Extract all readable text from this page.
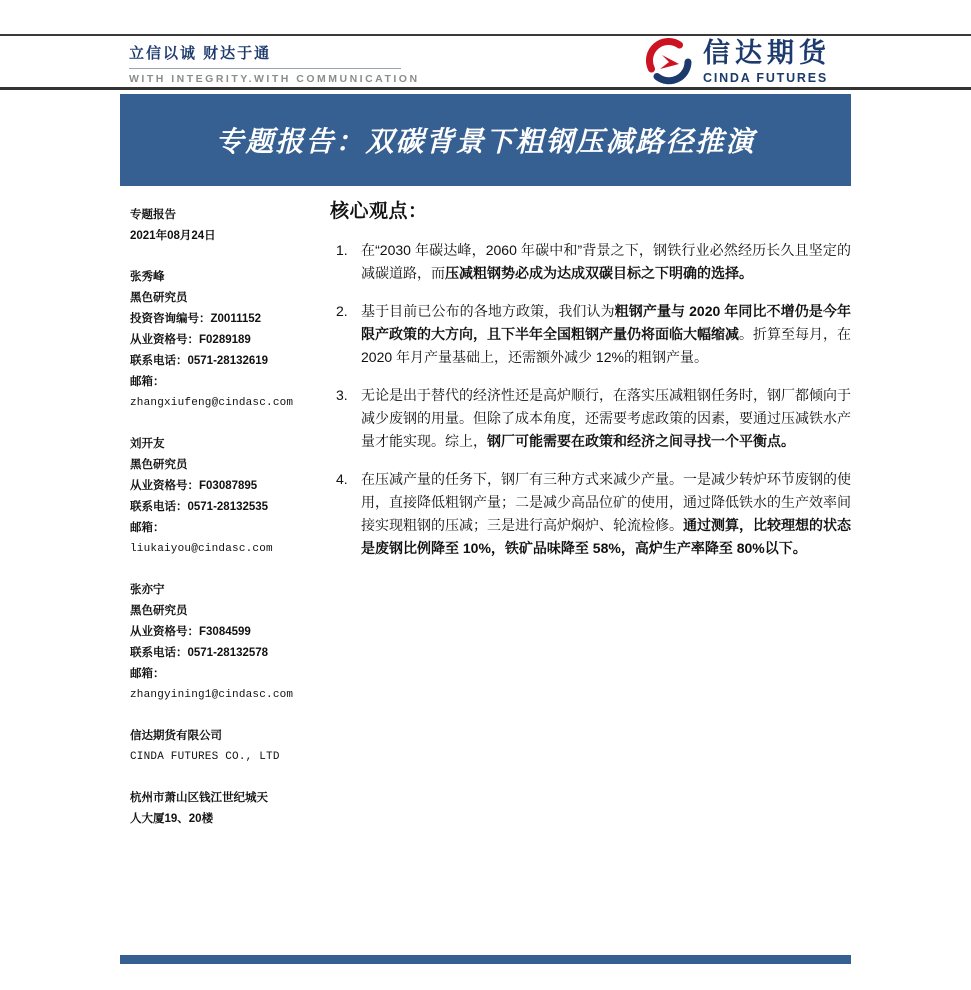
立信以诚 财达于通
WITH INTEGRITY.WITH COMMUNICATION
信达期货
CINDA FUTURES
专题报告：双碳背景下粗钢压减路径推演
专题报告
2021年08月24日
张秀峰
黑色研究员
投资咨询编号：Z0011152
从业资格号：F0289189
联系电话：0571-28132619
邮箱：
zhangxiufeng@cindasc.com
刘开友
黑色研究员
从业资格号：F03087895
联系电话：0571-28132535
邮箱：
liukaiyou@cindasc.com
张亦宁
黑色研究员
从业资格号：F3084599
联系电话：0571-28132578
邮箱：
zhangyining1@cindasc.com
信达期货有限公司
CINDA FUTURES CO., LTD
杭州市萧山区钱江世纪城天
人大厦19、20楼
核心观点：
1. 在“2030 年碳达峰，2060 年碳中和”背景之下，钢铁行业必然经历长久且坚定的减碳道路，而压减粗钢势必成为达成双碳目标之下明确的选择。
2. 基于目前已公布的各地方政策，我们认为粗钢产量与 2020 年同比不增仍是今年限产政策的大方向，且下半年全国粗钢产量仍将面临大幅缩减。折算至每月，在 2020 年月产量基础上，还需额外减少 12%的粗钢产量。
3. 无论是出于替代的经济性还是高炉顺行，在落实压减粗钢任务时，钢厂都倾向于减少废钢的用量。但除了成本角度，还需要考虑政策的因素，要通过压减铁水产量才能实现。综上，钢厂可能需要在政策和经济之间寻找一个平衡点。
4. 在压减产量的任务下，钢厂有三种方式来减少产量。一是减少转炉环节废钢的使用，直接降低粗钢产量；二是减少高品位矿的使用，通过降低铁水的生产效率间接实现粗钢的压减；三是进行高炉焖炉、轮流检修。通过测算，比较理想的状态是废钢比例降至 10%，铁矿品味降至 58%，高炉生产率降至 80%以下。
